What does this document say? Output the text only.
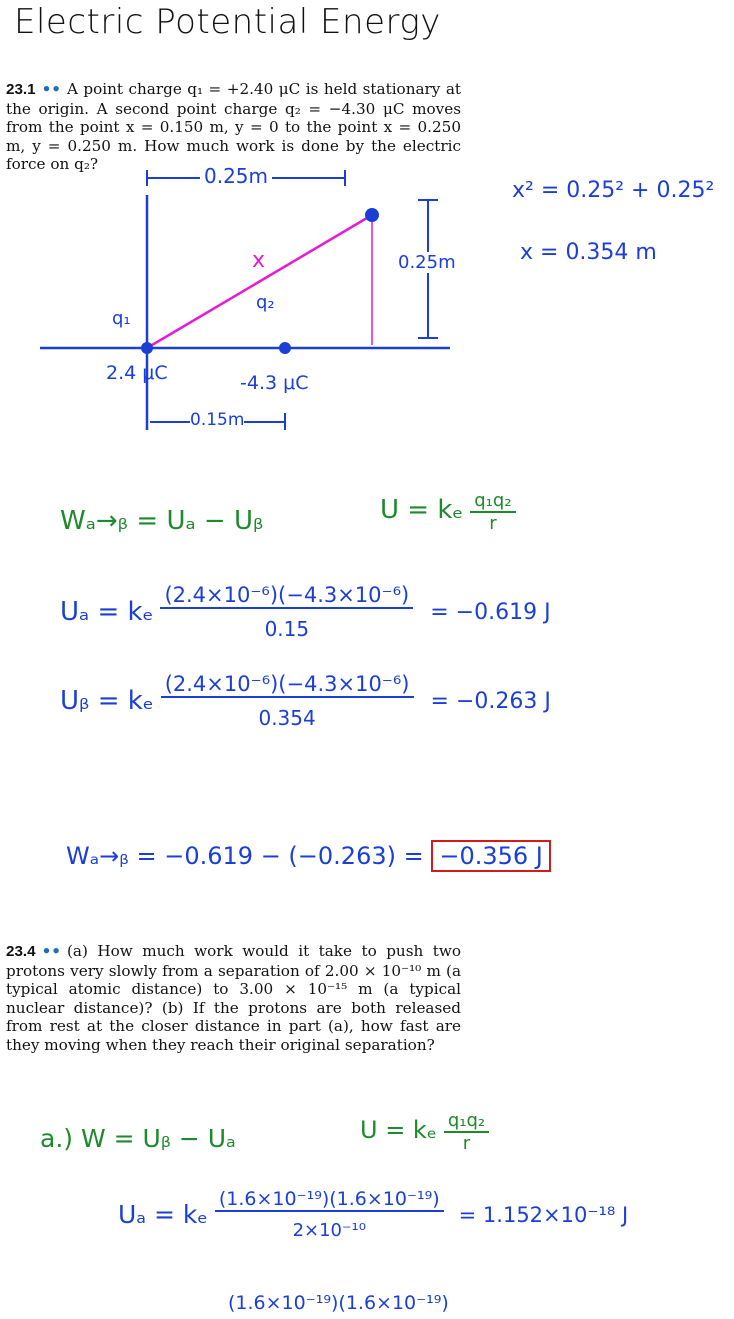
Electric Potential Energy
23.1 •• A point charge q₁ = +2.40 μC is held stationary at the origin. A second point charge q₂ = −4.30 μC moves from the point x = 0.150 m, y = 0 to the point x = 0.250 m, y = 0.250 m. How much work is done by the electric force on q₂?	0.25m
0.25m
0.15m
x
q₁
q₂
2.4 μC	-4.3 μC
x² = 0.25² + 0.25²
x = 0.354 m
Wₐ→ᵦ = Uₐ − Uᵦ	U = kₑ $\frac{\text{q₁q₂}}{r}$
Uₐ = kₑ $\frac{\text{(2.4×10⁻⁶)(−4.3×10⁻⁶)}}{0.15} = -0.619$ J
Uᵦ = kₑ $\frac{\text{(2.4×10⁻⁶)(−4.3×10⁻⁶)}}{0.354} = -0.263$ J
Wₐ→ᵦ = −0.619 − (−0.263) = −0.356 J
23.4 •• (a) How much work would it take to push two protons very slowly from a separation of 2.00 × 10⁻¹⁰ m (a typical atomic distance) to 3.00 × 10⁻¹⁵ m (a typical nuclear distance)? (b) If the protons are both released from rest at the closer distance in part (a), how fast are they moving when they reach their original separation?
a.) W = Uᵦ − Uₐ	U = kₑ $\frac{\text{q₁q₂}}{r}$
Uₐ = kₑ $\frac{\text{(1.6×10⁻¹⁹)(1.6×10⁻¹⁹)}}{\text{2×10⁻¹⁰}} = 1.152\times 10^{-18}$ J
(1.6×10⁻¹⁹)(1.6×10⁻¹⁹)
